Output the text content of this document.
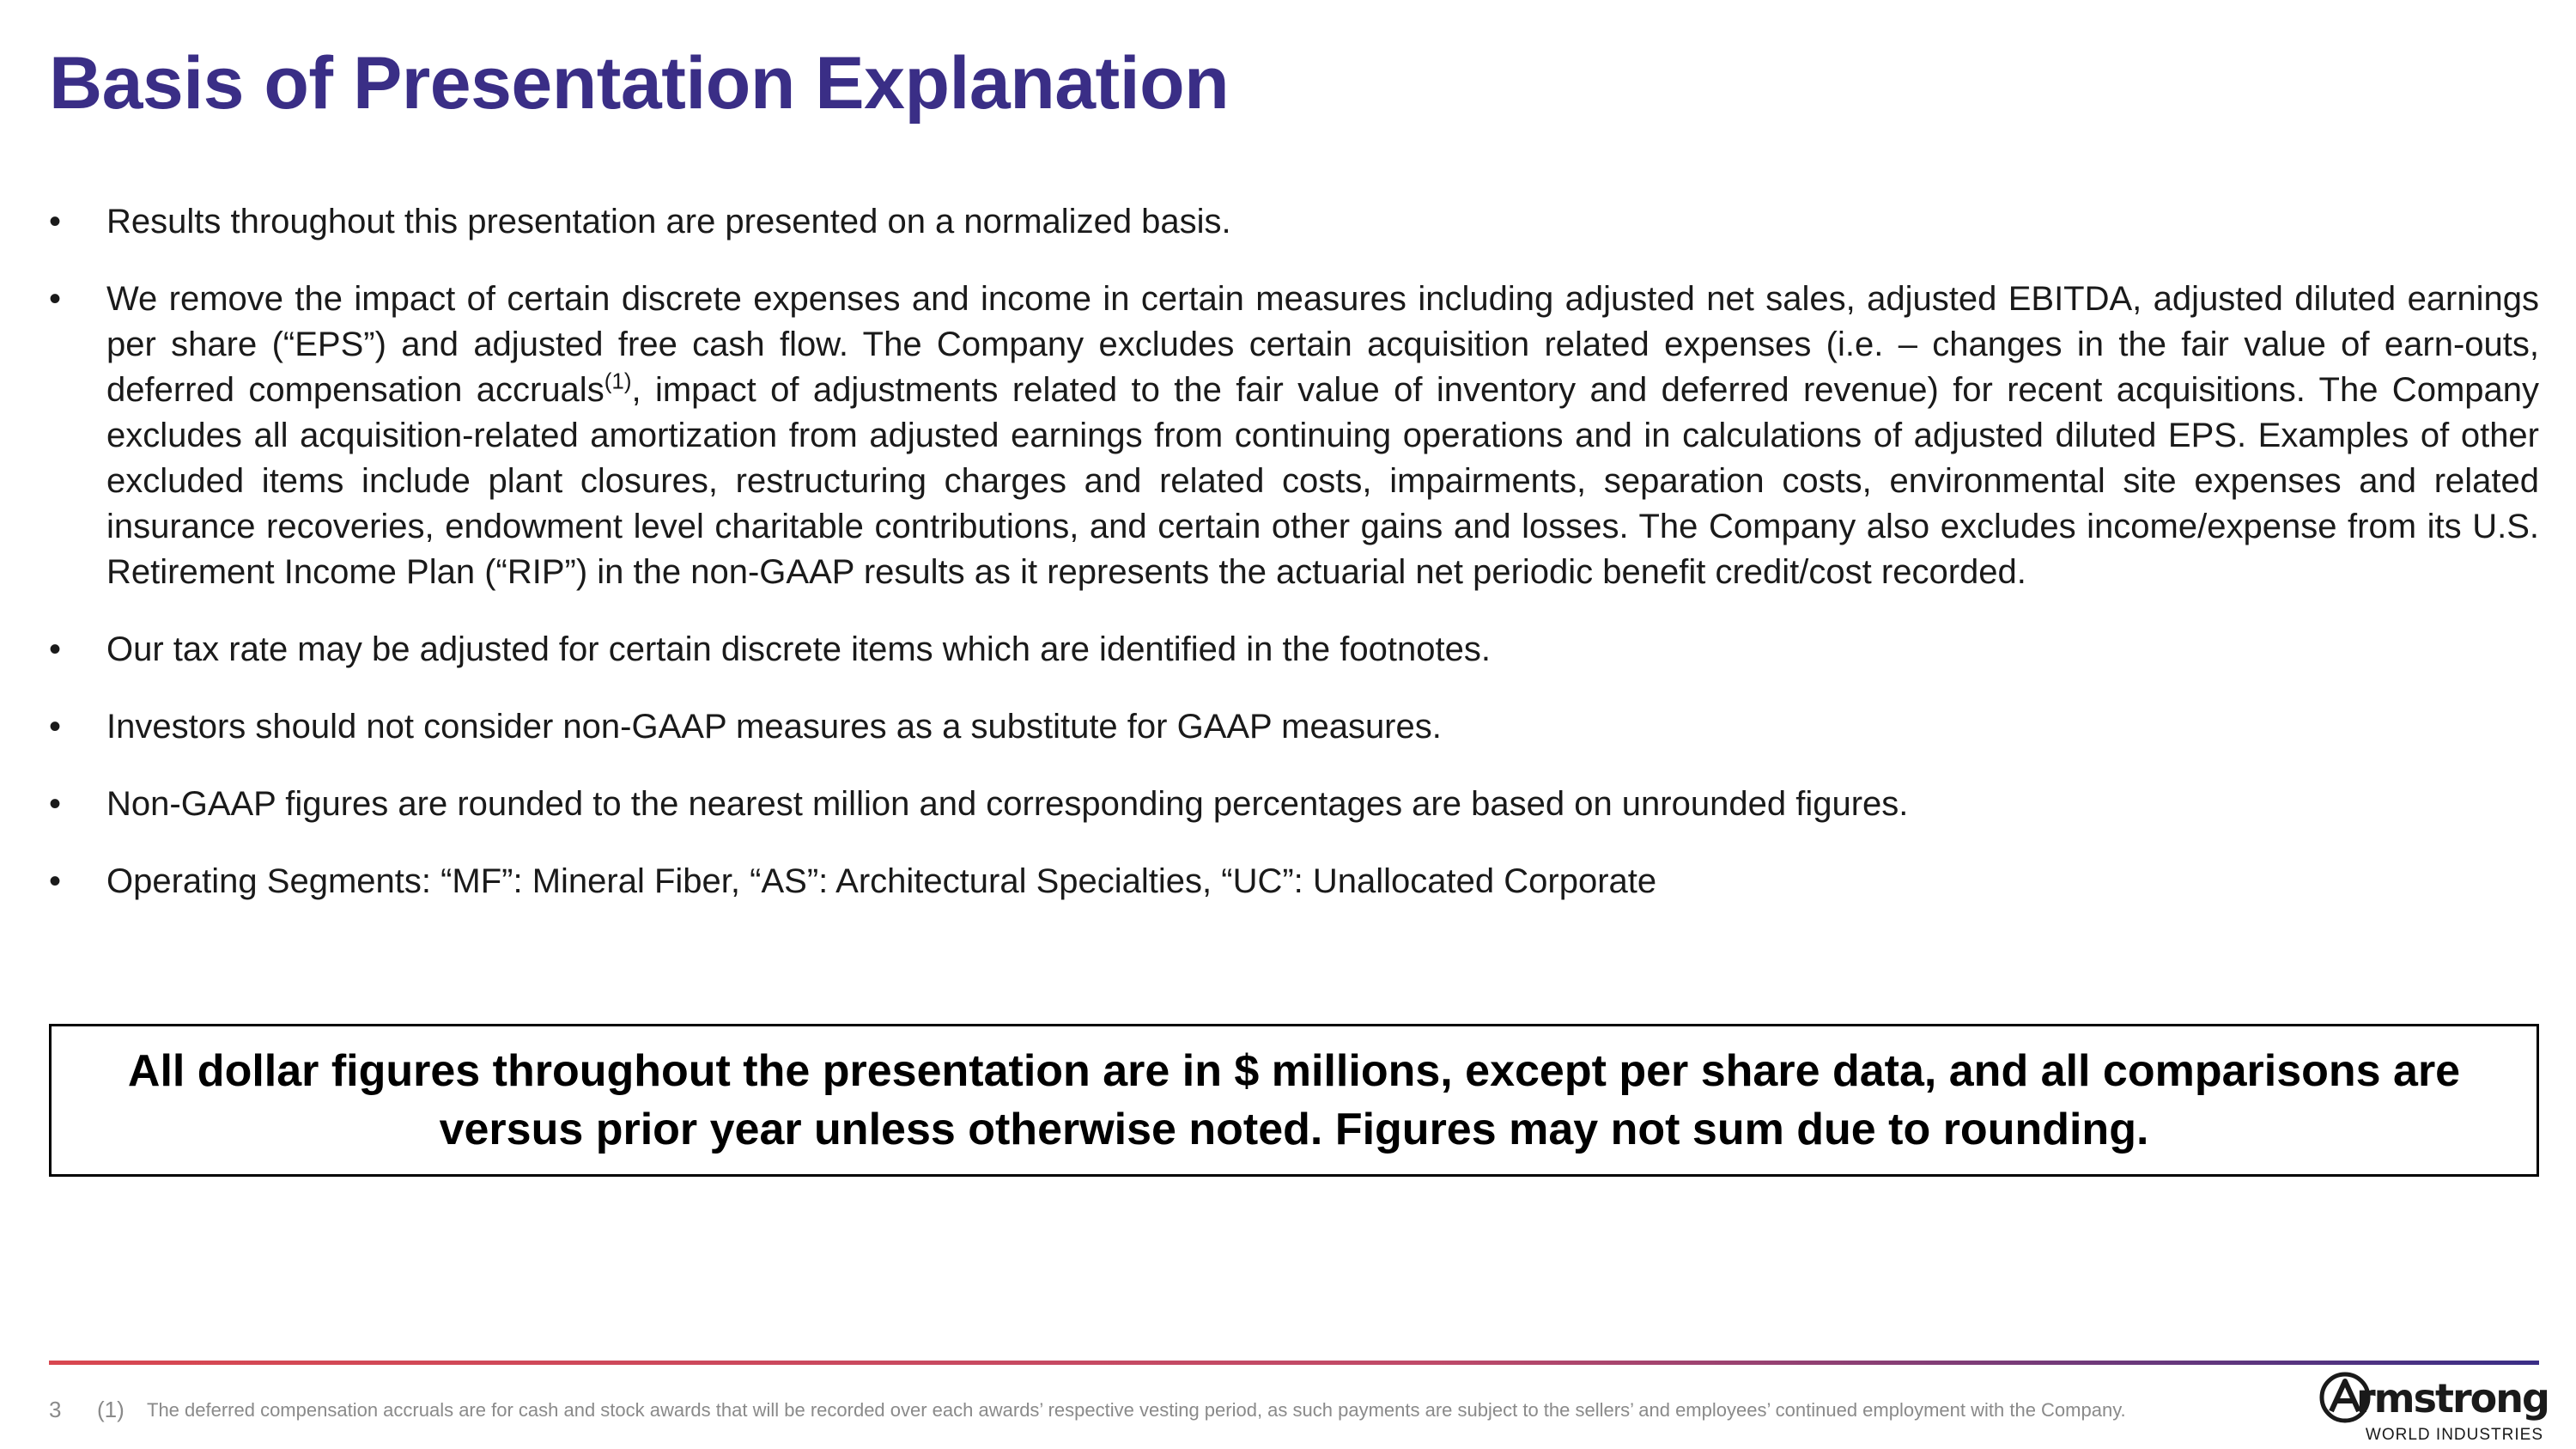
Basis of Presentation Explanation
• Results throughout this presentation are presented on a normalized basis.
• We remove the impact of certain discrete expenses and income in certain measures including adjusted net sales, adjusted EBITDA, adjusted diluted earnings per share (“EPS”) and adjusted free cash flow. The Company excludes certain acquisition related expenses (i.e. – changes in the fair value of earn-outs, deferred compensation accruals$^{(1)}$, impact of adjustments related to the fair value of inventory and deferred revenue) for recent acquisitions. The Company excludes all acquisition-related amortization from adjusted earnings from continuing operations and in calculations of adjusted diluted EPS. Examples of other excluded items include plant closures, restructuring charges and related costs, impairments, separation costs, environmental site expenses and related insurance recoveries, endowment level charitable contributions, and certain other gains and losses. The Company also excludes income/expense from its U.S. Retirement Income Plan (“RIP”) in the non-GAAP results as it represents the actuarial net periodic benefit credit/cost recorded.
• Our tax rate may be adjusted for certain discrete items which are identified in the footnotes.
• Investors should not consider non-GAAP measures as a substitute for GAAP measures.
• Non-GAAP figures are rounded to the nearest million and corresponding percentages are based on unrounded figures.
• Operating Segments: “MF”: Mineral Fiber, “AS”: Architectural Specialties, “UC”: Unallocated Corporate

All dollar figures throughout the presentation are in $ millions, except per share data, and all comparisons are versus prior year unless otherwise noted. Figures may not sum due to rounding.

3 (1) The deferred compensation accruals are for cash and stock awards that will be recorded over each awards’ respective vesting period, as such payments are subject to the sellers’ and employees’ continued employment with the Company.	rmstrong
WORLD INDUSTRIES
